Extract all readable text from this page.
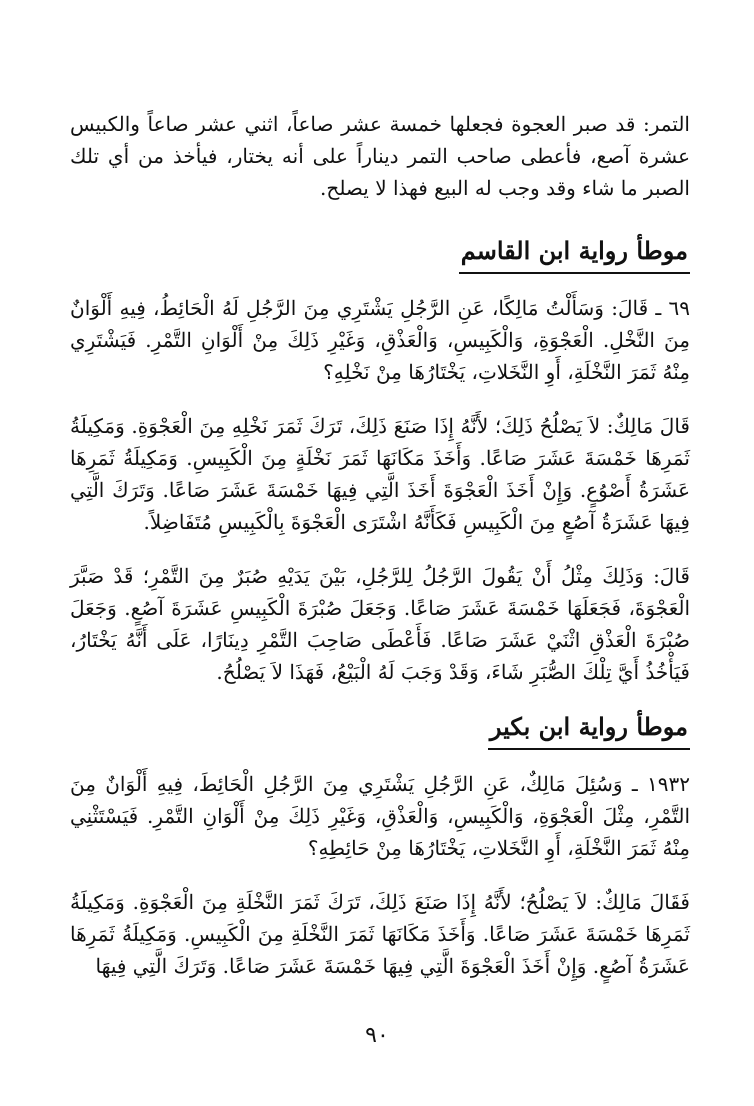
التمر: قد صبر العجوة فجعلها خمسة عشر صاعاً، اثني عشر صاعاً والكبيس عشرة آصع، فأعطى صاحب التمر ديناراً على أنه يختار، فيأخذ من أي تلك الصبر ما شاء وقد وجب له البيع فهذا لا يصلح.

موطأ رواية ابن القاسم

٦٩ ـ قَالَ: وَسَأَلْتُ مَالِكًا، عَنِ الرَّجُلِ يَشْتَرِي مِنَ الرَّجُلِ لَهُ الْحَائِطُ، فِيهِ أَلْوَانٌ مِنَ النَّخْلِ. الْعَجْوَةِ، وَالْكَبِيسِ، وَالْعَذْقِ، وَغَيْرِ ذَلِكَ مِنْ أَلْوَانِ التَّمْرِ. فَيَشْتَرِي مِنْهُ ثَمَرَ النَّخْلَةِ، أَوِ النَّخَلاتِ، يَخْتَارُهَا مِنْ نَخْلِهِ؟

قَالَ مَالِكٌ: لاَ يَصْلُحُ ذَلِكَ؛ لأَنَّهُ إِذَا صَنَعَ ذَلِكَ، تَرَكَ ثَمَرَ نَخْلِهِ مِنَ الْعَجْوَةِ. وَمَكِيلَةُ ثَمَرِهَا خَمْسَةَ عَشَرَ صَاعًا. وَأَخَذَ مَكَانَهَا ثَمَرَ نَخْلَةٍ مِنَ الْكَبِيسِ. وَمَكِيلَةُ ثَمَرِهَا عَشَرَةُ أَصْوُعٍ. وَإِنْ أَخَذَ الْعَجْوَةَ أَخَذَ الَّتِي فِيهَا خَمْسَةَ عَشَرَ صَاعًا. وَتَرَكَ الَّتِي فِيهَا عَشَرَةُ آصُعٍ مِنَ الْكَبِيسِ فَكَأَنَّهُ اشْتَرَى الْعَجْوَةَ بِالْكَبِيسِ مُتَفَاضِلاً.

قَالَ: وَذَلِكَ مِثْلُ أَنْ يَقُولَ الرَّجُلُ لِلرَّجُلِ، بَيْنَ يَدَيْهِ صُبَرٌ مِنَ التَّمْرِ؛ قَدْ صَبَّرَ الْعَجْوَةَ، فَجَعَلَهَا خَمْسَةَ عَشَرَ صَاعًا. وَجَعَلَ صُبْرَةَ الْكَبِيسِ عَشَرَةَ آصُعٍ. وَجَعَلَ صُبْرَةَ الْعَذْقِ اثْنَيْ عَشَرَ صَاعًا. فَأَعْطَى صَاحِبَ التَّمْرِ دِينَارًا، عَلَى أَنَّهُ يَخْتَارُ، فَيَأْخُذُ أَيَّ تِلْكَ الصُّبَرِ شَاءَ، وَقَدْ وَجَبَ لَهُ الْبَيْعُ، فَهَذَا لاَ يَصْلُحُ.

موطأ رواية ابن بكير

١٩٣٢ ـ وَسُئِلَ مَالِكٌ، عَنِ الرَّجُلِ يَشْتَرِي مِنَ الرَّجُلِ الْحَائِطَ، فِيهِ أَلْوَانٌ مِنَ التَّمْرِ، مِثْلَ الْعَجْوَةِ، وَالْكَبِيسِ، وَالْعَذْقِ، وَغَيْرِ ذَلِكَ مِنْ أَلْوَانِ التَّمْرِ. فَيَسْتَثْنِي مِنْهُ ثَمَرَ النَّخْلَةِ، أَوِ النَّخَلاتِ، يَخْتَارُهَا مِنْ حَائِطِهِ؟

فَقَالَ مَالِكٌ: لاَ يَصْلُحُ؛ لأَنَّهُ إِذَا صَنَعَ ذَلِكَ، تَرَكَ ثَمَرَ النَّخْلَةِ مِنَ الْعَجْوَةِ. وَمَكِيلَةُ ثَمَرِهَا خَمْسَةَ عَشَرَ صَاعًا. وَأَخَذَ مَكَانَهَا ثَمَرَ النَّخْلَةِ مِنَ الْكَبِيسِ. وَمَكِيلَةُ ثَمَرِهَا عَشَرَةُ آصُعٍ. وَإِنْ أَخَذَ الْعَجْوَةَ الَّتِي فِيهَا خَمْسَةَ عَشَرَ صَاعًا. وَتَرَكَ الَّتِي فِيهَا

٩٠
